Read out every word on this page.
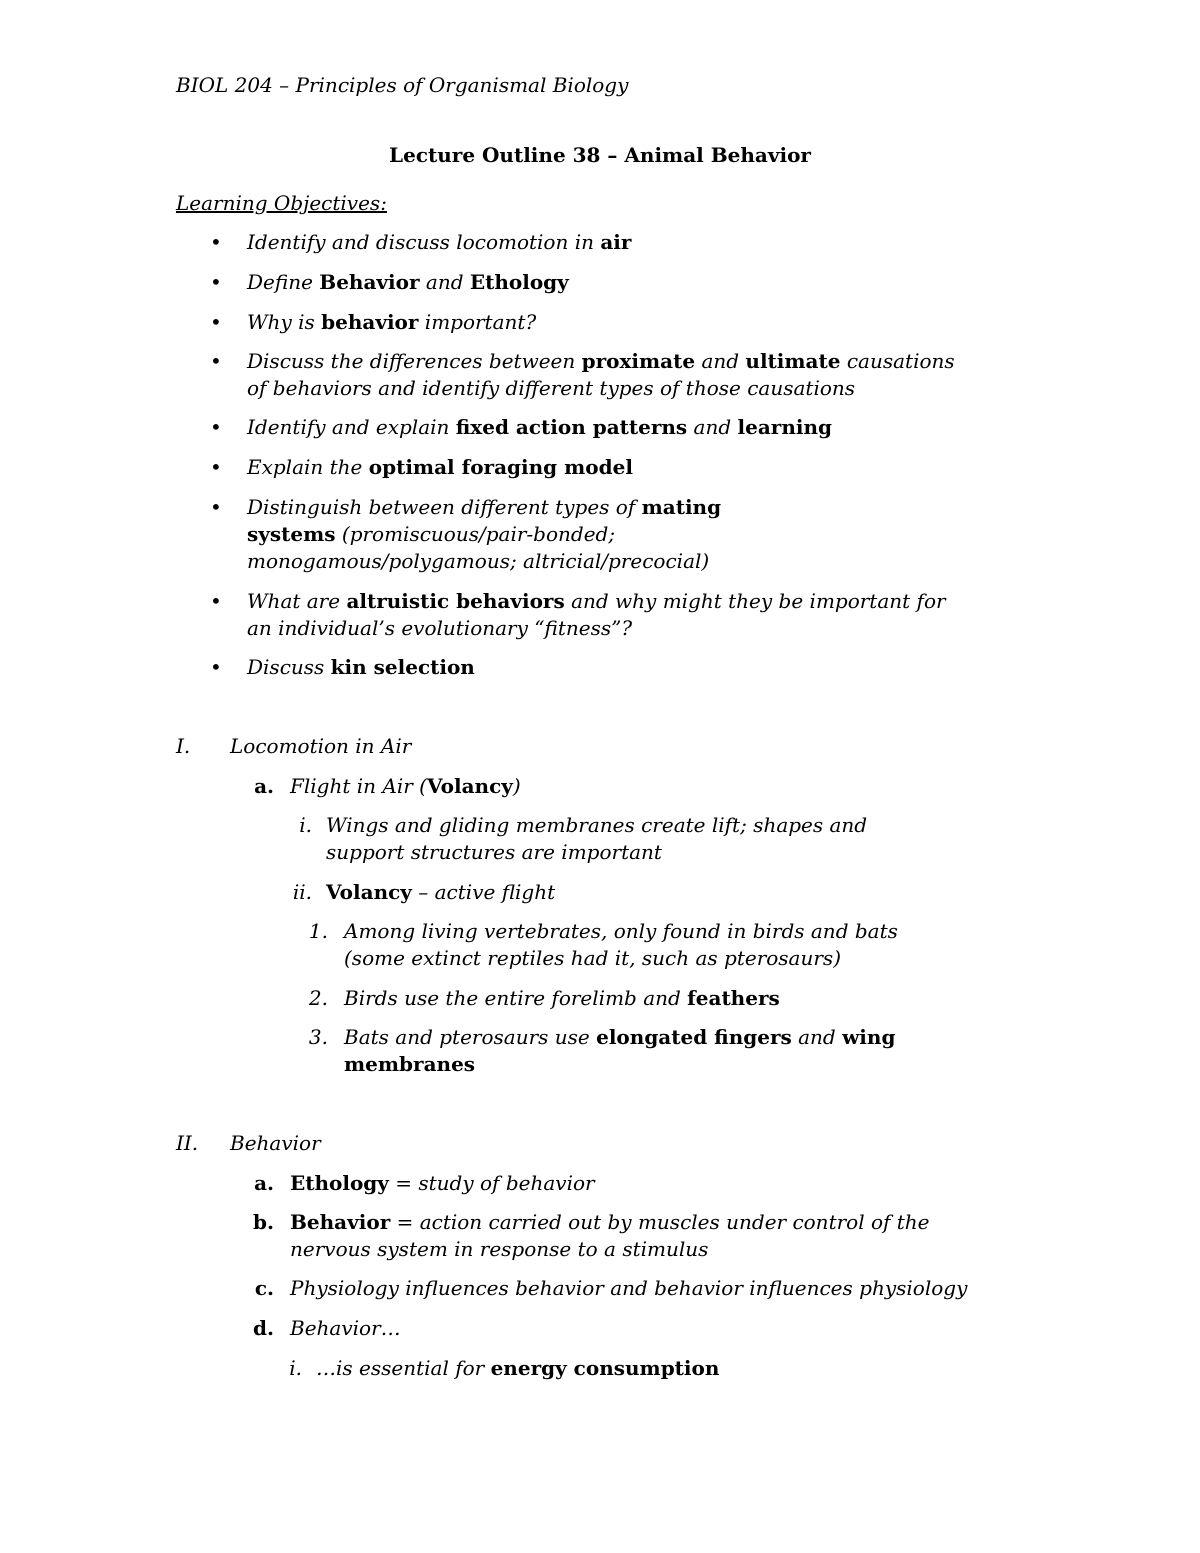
BIOL 204 – Principles of Organismal Biology
Lecture Outline 38 – Animal Behavior
Learning Objectives:
• Identify and discuss locomotion in air
• Define Behavior and Ethology
• Why is behavior important?
• Discuss the differences between proximate and ultimate causations of behaviors and identify different types of those causations
• Identify and explain fixed action patterns and learning
• Explain the optimal foraging model
• Distinguish between different types of mating systems (promiscuous/pair-bonded; monogamous/polygamous; altricial/precocial)
• What are altruistic behaviors and why might they be important for an individual’s evolutionary “fitness”?
• Discuss kin selection
I. Locomotion in Air
a. Flight in Air (Volancy)
i. Wings and gliding membranes create lift; shapes and support structures are important
ii. Volancy – active flight
1. Among living vertebrates, only found in birds and bats (some extinct reptiles had it, such as pterosaurs)
2. Birds use the entire forelimb and feathers
3. Bats and pterosaurs use elongated fingers and wing membranes
II. Behavior
a. Ethology = study of behavior
b. Behavior = action carried out by muscles under control of the nervous system in response to a stimulus
c. Physiology influences behavior and behavior influences physiology
d. Behavior…
i. …is essential for energy consumption
